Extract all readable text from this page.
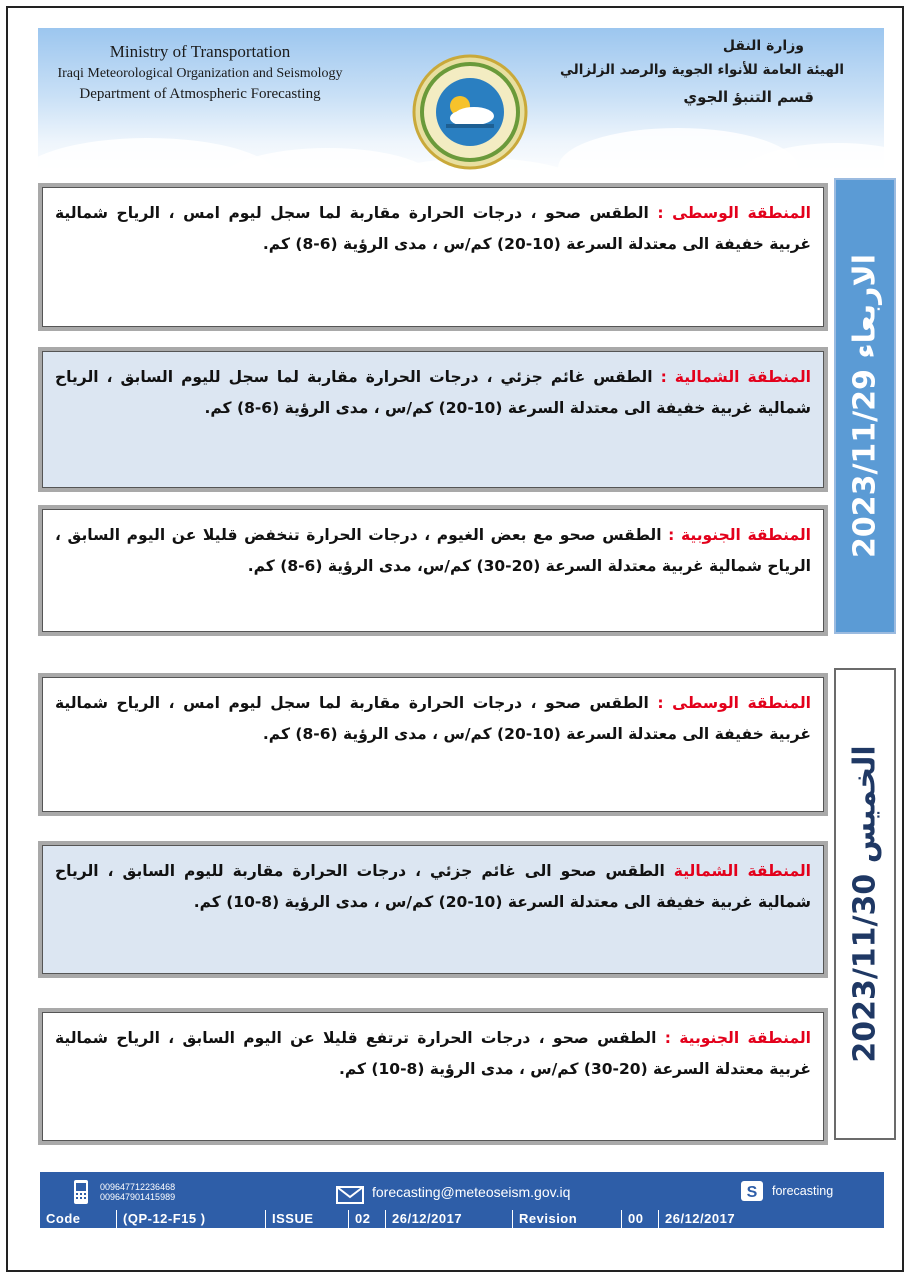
Ministry of Transportation
Iraqi Meteorological Organization and Seismology
Department of Atmospheric Forecasting
وزارة النقل
الهيئة العامة للأنواء الجوية والرصد الزلزالي
قسم التنبؤ الجوي
الاربعاء 2023/11/29
المنطقة الوسطى : الطقس صحو ، درجات الحرارة مقاربة لما سجل ليوم امس ، الرياح شمالية غربية خفيفة الى معتدلة السرعة (10-20) كم/س ، مدى الرؤية (6-8) كم.
المنطقة الشمالية : الطقس غائم جزئي ، درجات الحرارة مقاربة لما سجل لليوم السابق ، الرياح شمالية غربية خفيفة الى معتدلة السرعة (10-20) كم/س ، مدى الرؤية (6-8) كم.
المنطقة الجنوبية : الطقس صحو مع بعض الغيوم ، درجات الحرارة تنخفض قليلا عن اليوم السابق ، الرياح شمالية غربية معتدلة السرعة (20-30) كم/س، مدى الرؤية (6-8) كم.
الخميس 2023/11/30
المنطقة الوسطى : الطقس صحو ، درجات الحرارة مقاربة لما سجل ليوم امس ، الرياح شمالية غربية خفيفة الى معتدلة السرعة (10-20) كم/س ، مدى الرؤية (6-8) كم.
المنطقة الشمالية الطقس صحو الى غائم جزئي ، درجات الحرارة مقاربة لليوم السابق ، الرياح شمالية غربية خفيفة الى معتدلة السرعة (10-20) كم/س ، مدى الرؤية (8-10) كم.
المنطقة الجنوبية : الطقس صحو ، درجات الحرارة ترتفع قليلا عن اليوم السابق ، الرياح شمالية غربية معتدلة السرعة (20-30) كم/س ، مدى الرؤية (8-10) كم.
009647712236468
009647901415989	forecasting@meteoseism.gov.iq	S forecasting
Code	(QP-12-F15 )	ISSUE	02	26/12/2017	Revision	00	26/12/2017
